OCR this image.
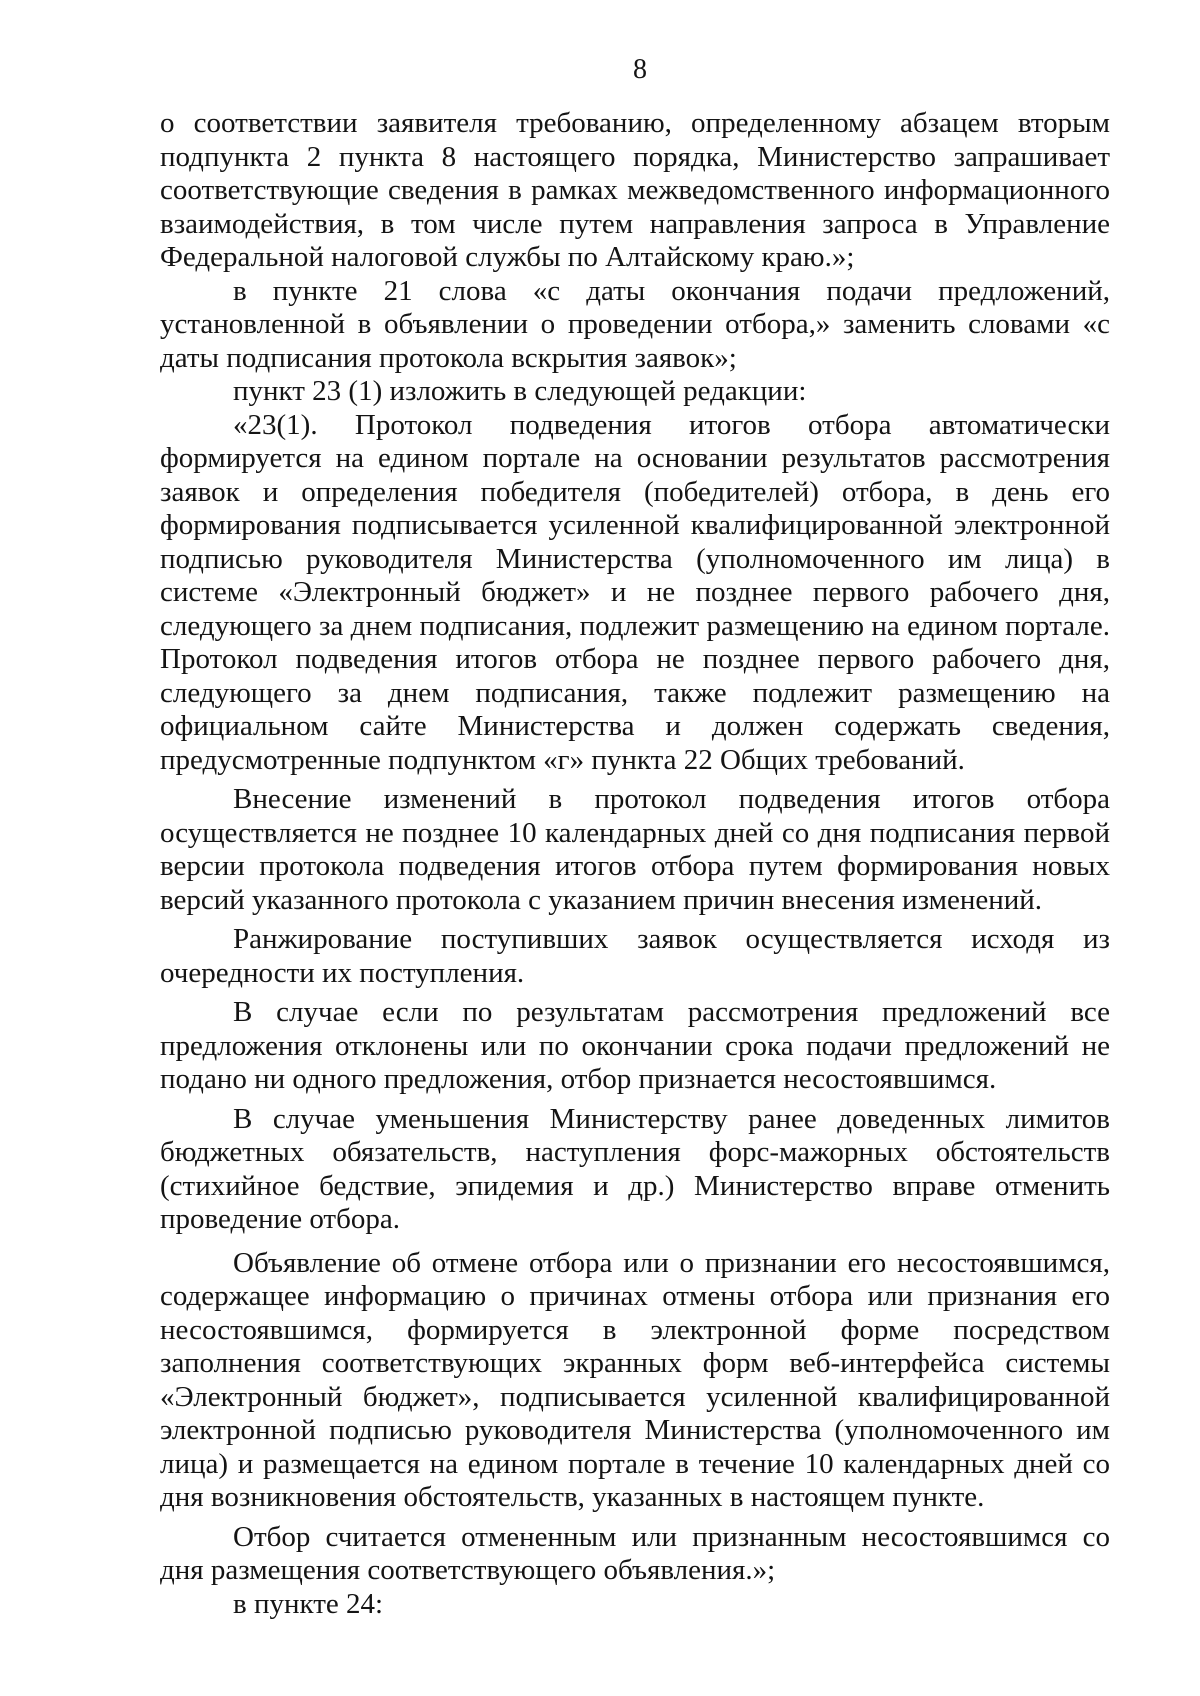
8

о соответствии заявителя требованию, определенному абзацем вторым подпункта 2 пункта 8 настоящего порядка, Министерство запрашивает соответствующие сведения в рамках межведомственного информационного взаимодействия, в том числе путем направления запроса в Управление Федеральной налоговой службы по Алтайскому краю.»;

в пункте 21 слова «с даты окончания подачи предложений, установленной в объявлении о проведении отбора,» заменить словами «с даты подписания протокола вскрытия заявок»;

пункт 23 (1) изложить в следующей редакции:

«23(1). Протокол подведения итогов отбора автоматически формируется на едином портале на основании результатов рассмотрения заявок и определения победителя (победителей) отбора, в день его формирования подписывается усиленной квалифицированной электронной подписью руководителя Министерства (уполномоченного им лица) в системе «Электронный бюджет» и не позднее первого рабочего дня, следующего за днем подписания, подлежит размещению на едином портале. Протокол подведения итогов отбора не позднее первого рабочего дня, следующего за днем подписания, также подлежит размещению на официальном сайте Министерства и должен содержать сведения, предусмотренные подпунктом «г» пункта 22 Общих требований.

Внесение изменений в протокол подведения итогов отбора осуществляется не позднее 10 календарных дней со дня подписания первой версии протокола подведения итогов отбора путем формирования новых версий указанного протокола с указанием причин внесения изменений.

Ранжирование поступивших заявок осуществляется исходя из очередности их поступления.

В случае если по результатам рассмотрения предложений все предложения отклонены или по окончании срока подачи предложений не подано ни одного предложения, отбор признается несостоявшимся.

В случае уменьшения Министерству ранее доведенных лимитов бюджетных обязательств, наступления форс-мажорных обстоятельств (стихийное бедствие, эпидемия и др.) Министерство вправе отменить проведение отбора.

Объявление об отмене отбора или о признании его несостоявшимся, содержащее информацию о причинах отмены отбора или признания его несостоявшимся, формируется в электронной форме посредством заполнения соответствующих экранных форм веб-интерфейса системы «Электронный бюджет», подписывается усиленной квалифицированной электронной подписью руководителя Министерства (уполномоченного им лица) и размещается на едином портале в течение 10 календарных дней со дня возникновения обстоятельств, указанных в настоящем пункте.

Отбор считается отмененным или признанным несостоявшимся со дня размещения соответствующего объявления.»;

в пункте 24:
